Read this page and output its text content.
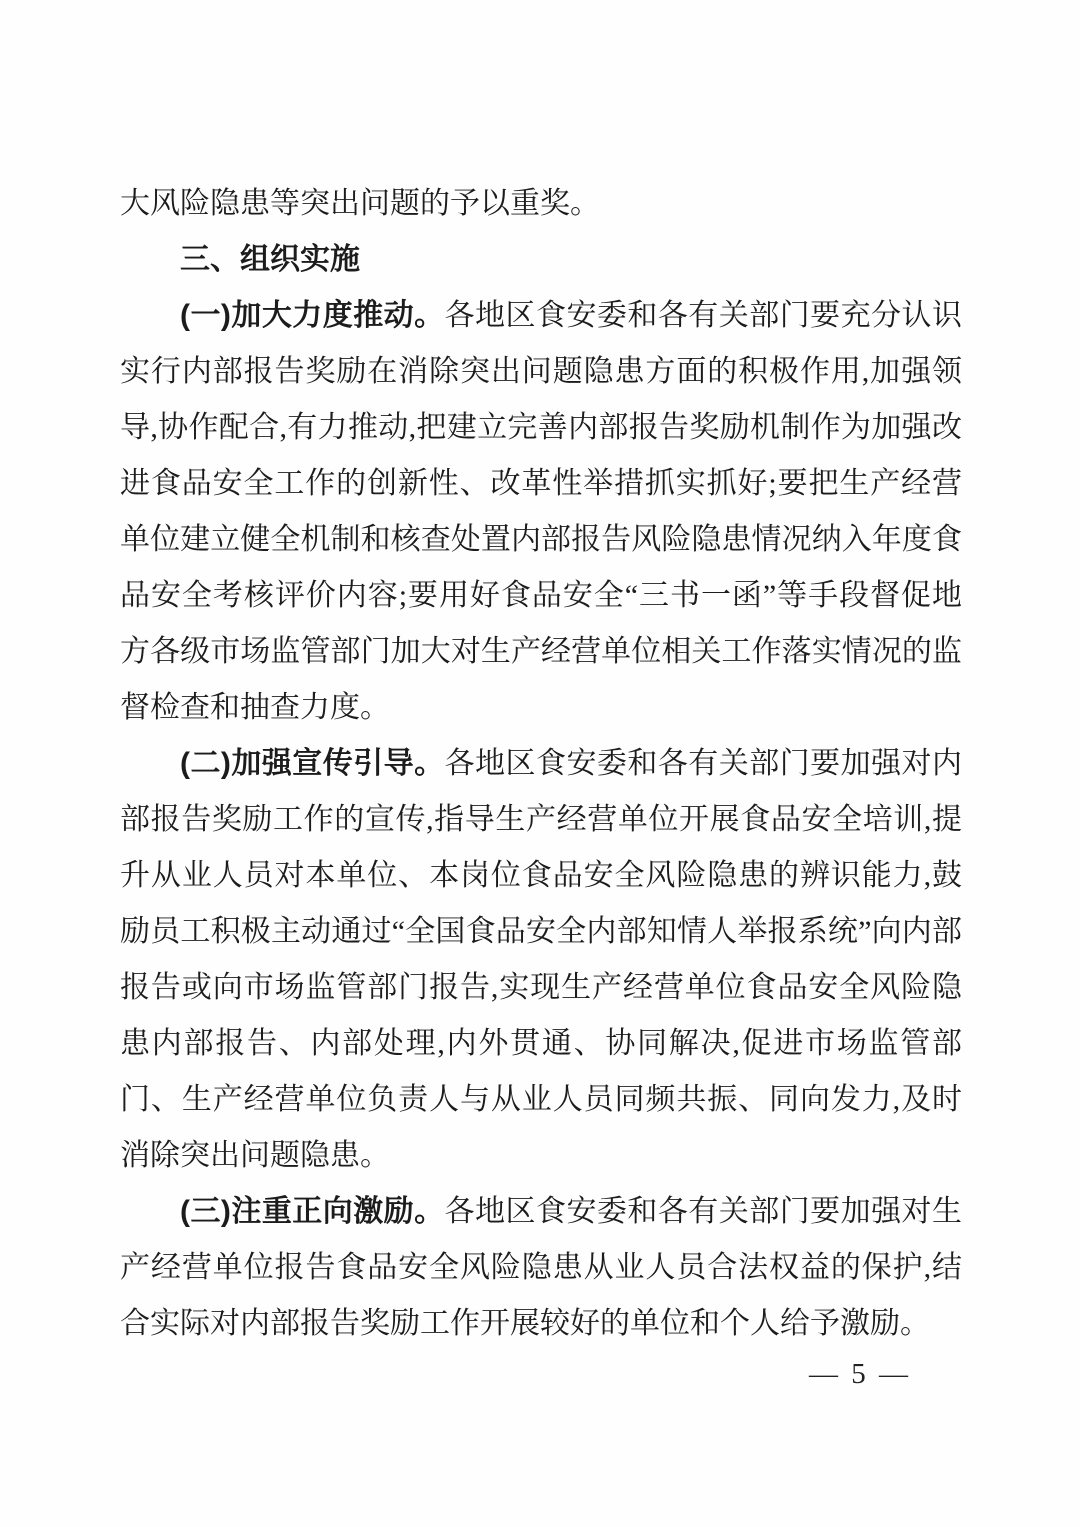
大风险隐患等突出问题的予以重奖。

三、组织实施

(一)加大力度推动。各地区食安委和各有关部门要充分认识实行内部报告奖励在消除突出问题隐患方面的积极作用,加强领导,协作配合,有力推动,把建立完善内部报告奖励机制作为加强改进食品安全工作的创新性、改革性举措抓实抓好;要把生产经营单位建立健全机制和核查处置内部报告风险隐患情况纳入年度食品安全考核评价内容;要用好食品安全“三书一函”等手段督促地方各级市场监管部门加大对生产经营单位相关工作落实情况的监督检查和抽查力度。

(二)加强宣传引导。各地区食安委和各有关部门要加强对内部报告奖励工作的宣传,指导生产经营单位开展食品安全培训,提升从业人员对本单位、本岗位食品安全风险隐患的辨识能力,鼓励员工积极主动通过“全国食品安全内部知情人举报系统”向内部报告或向市场监管部门报告,实现生产经营单位食品安全风险隐患内部报告、内部处理,内外贯通、协同解决,促进市场监管部门、生产经营单位负责人与从业人员同频共振、同向发力,及时消除突出问题隐患。

(三)注重正向激励。各地区食安委和各有关部门要加强对生产经营单位报告食品安全风险隐患从业人员合法权益的保护,结合实际对内部报告奖励工作开展较好的单位和个人给予激励。

— 5 —
